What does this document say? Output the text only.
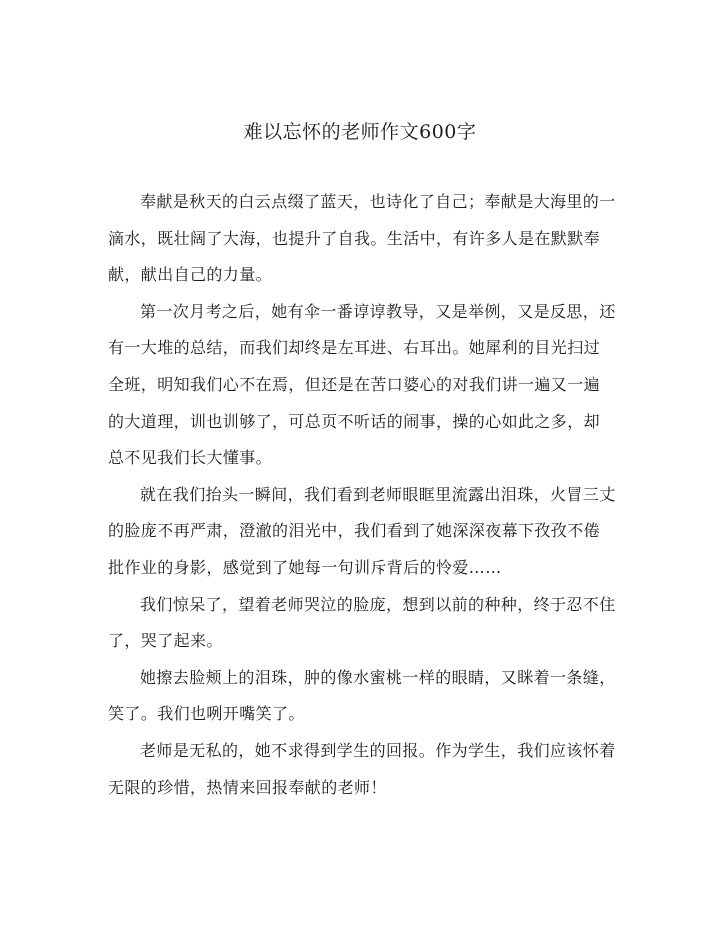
难以忘怀的老师作文600字

奉献是秋天的白云点缀了蓝天，也诗化了自己；奉献是大海里的一滴水，既壮阔了大海，也提升了自我。生活中，有许多人是在默默奉献，献出自己的力量。

第一次月考之后，她有伞一番谆谆教导，又是举例，又是反思，还有一大堆的总结，而我们却终是左耳进、右耳出。她犀利的目光扫过全班，明知我们心不在焉，但还是在苦口婆心的对我们讲一遍又一遍的大道理，训也训够了，可总页不听话的闹事，操的心如此之多，却总不见我们长大懂事。

就在我们抬头一瞬间，我们看到老师眼眶里流露出泪珠，火冒三丈的脸庞不再严肃，澄澈的泪光中，我们看到了她深深夜幕下孜孜不倦批作业的身影，感觉到了她每一句训斥背后的怜爱……

我们惊呆了，望着老师哭泣的脸庞，想到以前的种种，终于忍不住了，哭了起来。

她擦去脸颊上的泪珠，肿的像水蜜桃一样的眼睛，又眯着一条缝，笑了。我们也咧开嘴笑了。

老师是无私的，她不求得到学生的回报。作为学生，我们应该怀着无限的珍惜，热情来回报奉献的老师！
